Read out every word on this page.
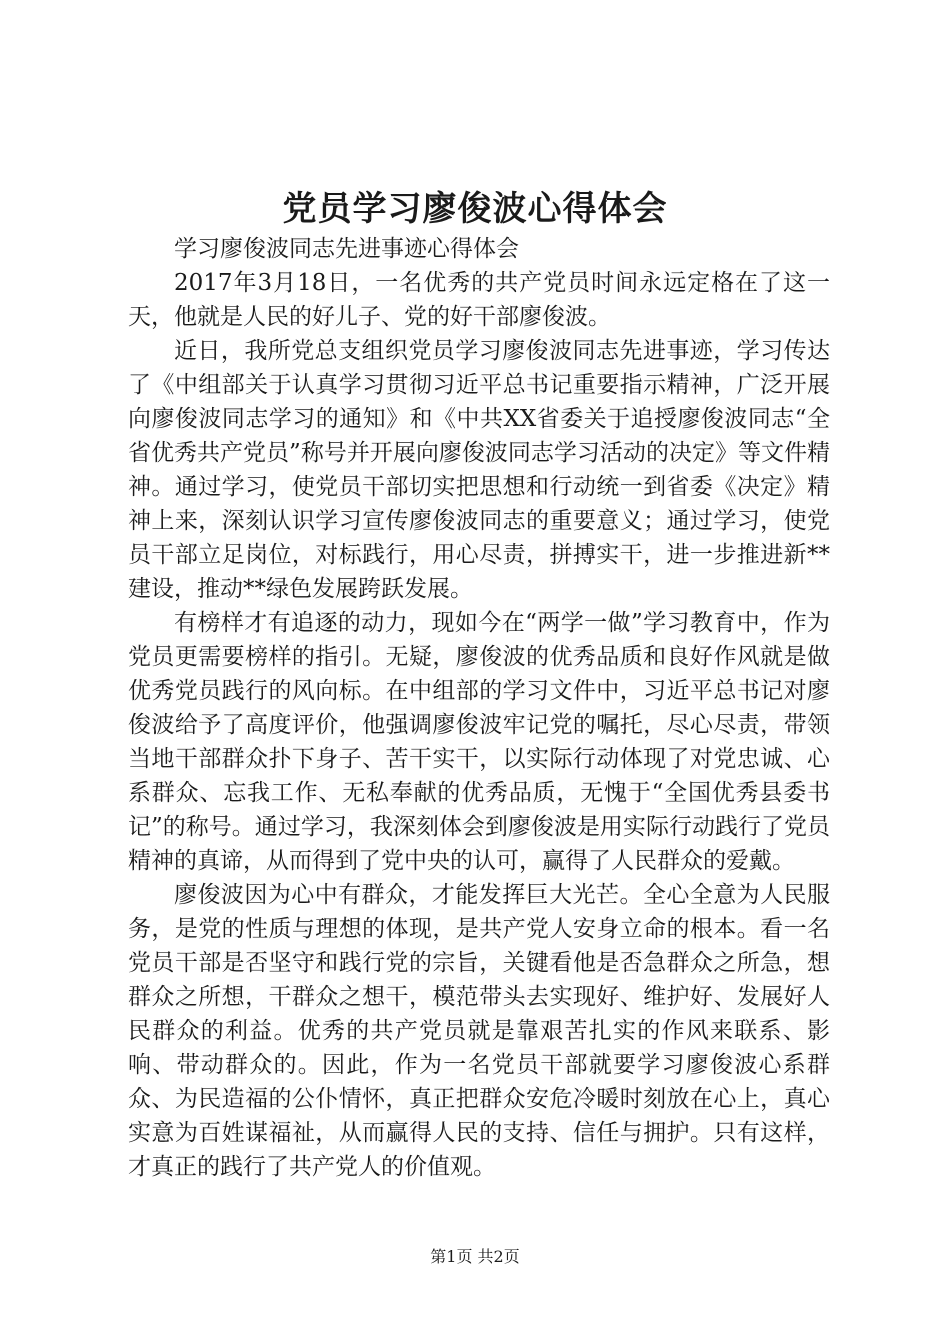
党员学习廖俊波心得体会

学习廖俊波同志先进事迹心得体会

2017年3月18日，一名优秀的共产党员时间永远定格在了这一天，他就是人民的好儿子、党的好干部廖俊波。

近日，我所党总支组织党员学习廖俊波同志先进事迹，学习传达了《中组部关于认真学习贯彻习近平总书记重要指示精神，广泛开展向廖俊波同志学习的通知》和《中共XX省委关于追授廖俊波同志“全省优秀共产党员”称号并开展向廖俊波同志学习活动的决定》等文件精神。通过学习，使党员干部切实把思想和行动统一到省委《决定》精神上来，深刻认识学习宣传廖俊波同志的重要意义；通过学习，使党员干部立足岗位，对标践行，用心尽责，拼搏实干，进一步推进新**建设，推动**绿色发展跨跃发展。

有榜样才有追逐的动力，现如今在“两学一做”学习教育中，作为党员更需要榜样的指引。无疑，廖俊波的优秀品质和良好作风就是做优秀党员践行的风向标。在中组部的学习文件中，习近平总书记对廖俊波给予了高度评价，他强调廖俊波牢记党的嘱托，尽心尽责，带领当地干部群众扑下身子、苦干实干，以实际行动体现了对党忠诚、心系群众、忘我工作、无私奉献的优秀品质，无愧于“全国优秀县委书记”的称号。通过学习，我深刻体会到廖俊波是用实际行动践行了党员精神的真谛，从而得到了党中央的认可，赢得了人民群众的爱戴。

廖俊波因为心中有群众，才能发挥巨大光芒。全心全意为人民服务，是党的性质与理想的体现，是共产党人安身立命的根本。看一名党员干部是否坚守和践行党的宗旨，关键看他是否急群众之所急，想群众之所想，干群众之想干，模范带头去实现好、维护好、发展好人民群众的利益。优秀的共产党员就是靠艰苦扎实的作风来联系、影响、带动群众的。因此，作为一名党员干部就要学习廖俊波心系群众、为民造福的公仆情怀，真正把群众安危冷暖时刻放在心上，真心实意为百姓谋福祉，从而赢得人民的支持、信任与拥护。只有这样，才真正的践行了共产党人的价值观。

第1页 共2页
